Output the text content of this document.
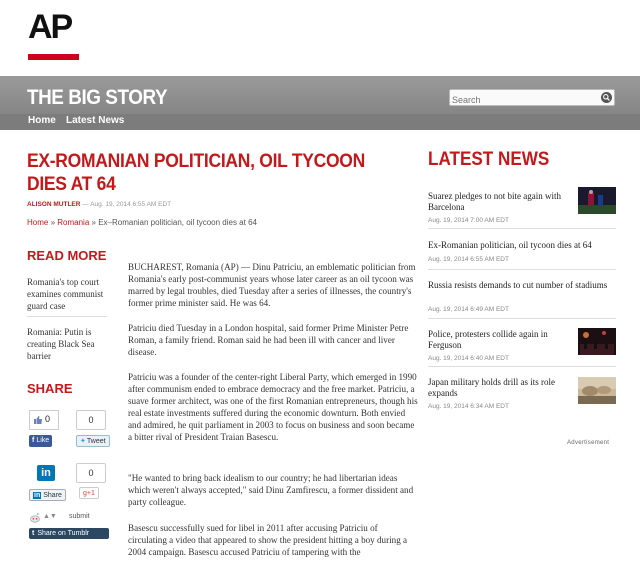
AP
THE BIG STORY
Search
Home Latest News
EX-ROMANIAN POLITICIAN, OIL TYCOON DIES AT 64
ALISON MUTLER — Aug. 19, 2014 6:55 AM EDT
Home » Romania » Ex–Romanian politician, oil tycoon dies at 64
READ MORE
Romania's top court examines communist guard case
Romania: Putin is creating Black Sea barrier
SHARE
0	0
f Like	✦Tweet
in	0
in Share	g+1
▲▼ submit
t Share on Tumblr
BUCHAREST, Romania (AP) — Dinu Patriciu, an emblematic politician from Romania's early post-communist years whose later career as an oil tycoon was marred by legal troubles, died Tuesday after a series of illnesses, the country's former prime minister said. He was 64.
Patriciu died Tuesday in a London hospital, said former Prime Minister Petre Roman, a family friend. Roman said he had been ill with cancer and liver disease.
Patriciu was a founder of the center-right Liberal Party, which emerged in 1990 after communism ended to embrace democracy and the free market. Patriciu, a suave former architect, was one of the first Romanian entrepreneurs, though his real estate investments suffered during the economic downturn. Both envied and admired, he quit parliament in 2003 to focus on business and soon became a bitter rival of President Traian Basescu.
"He wanted to bring back idealism to our country; he had libertarian ideas which weren't always accepted," said Dinu Zamfirescu, a former dissident and party colleague.
Basescu successfully sued for libel in 2011 after accusing Patriciu of circulating a video that appeared to show the president hitting a boy during a 2004 campaign. Basescu accused Patriciu of tampering with the
LATEST NEWS
Suarez pledges to not bite again with Barcelona
Aug. 19, 2014 7:00 AM EDT
Ex-Romanian politician, oil tycoon dies at 64
Aug. 19, 2014 6:55 AM EDT
Russia resists demands to cut number of stadiums
Aug. 19, 2014 6:49 AM EDT
Police, protesters collide again in Ferguson
Aug. 19, 2014 6:40 AM EDT
Japan military holds drill as its role expands
Aug. 19, 2014 6:34 AM EDT
Advertisement
